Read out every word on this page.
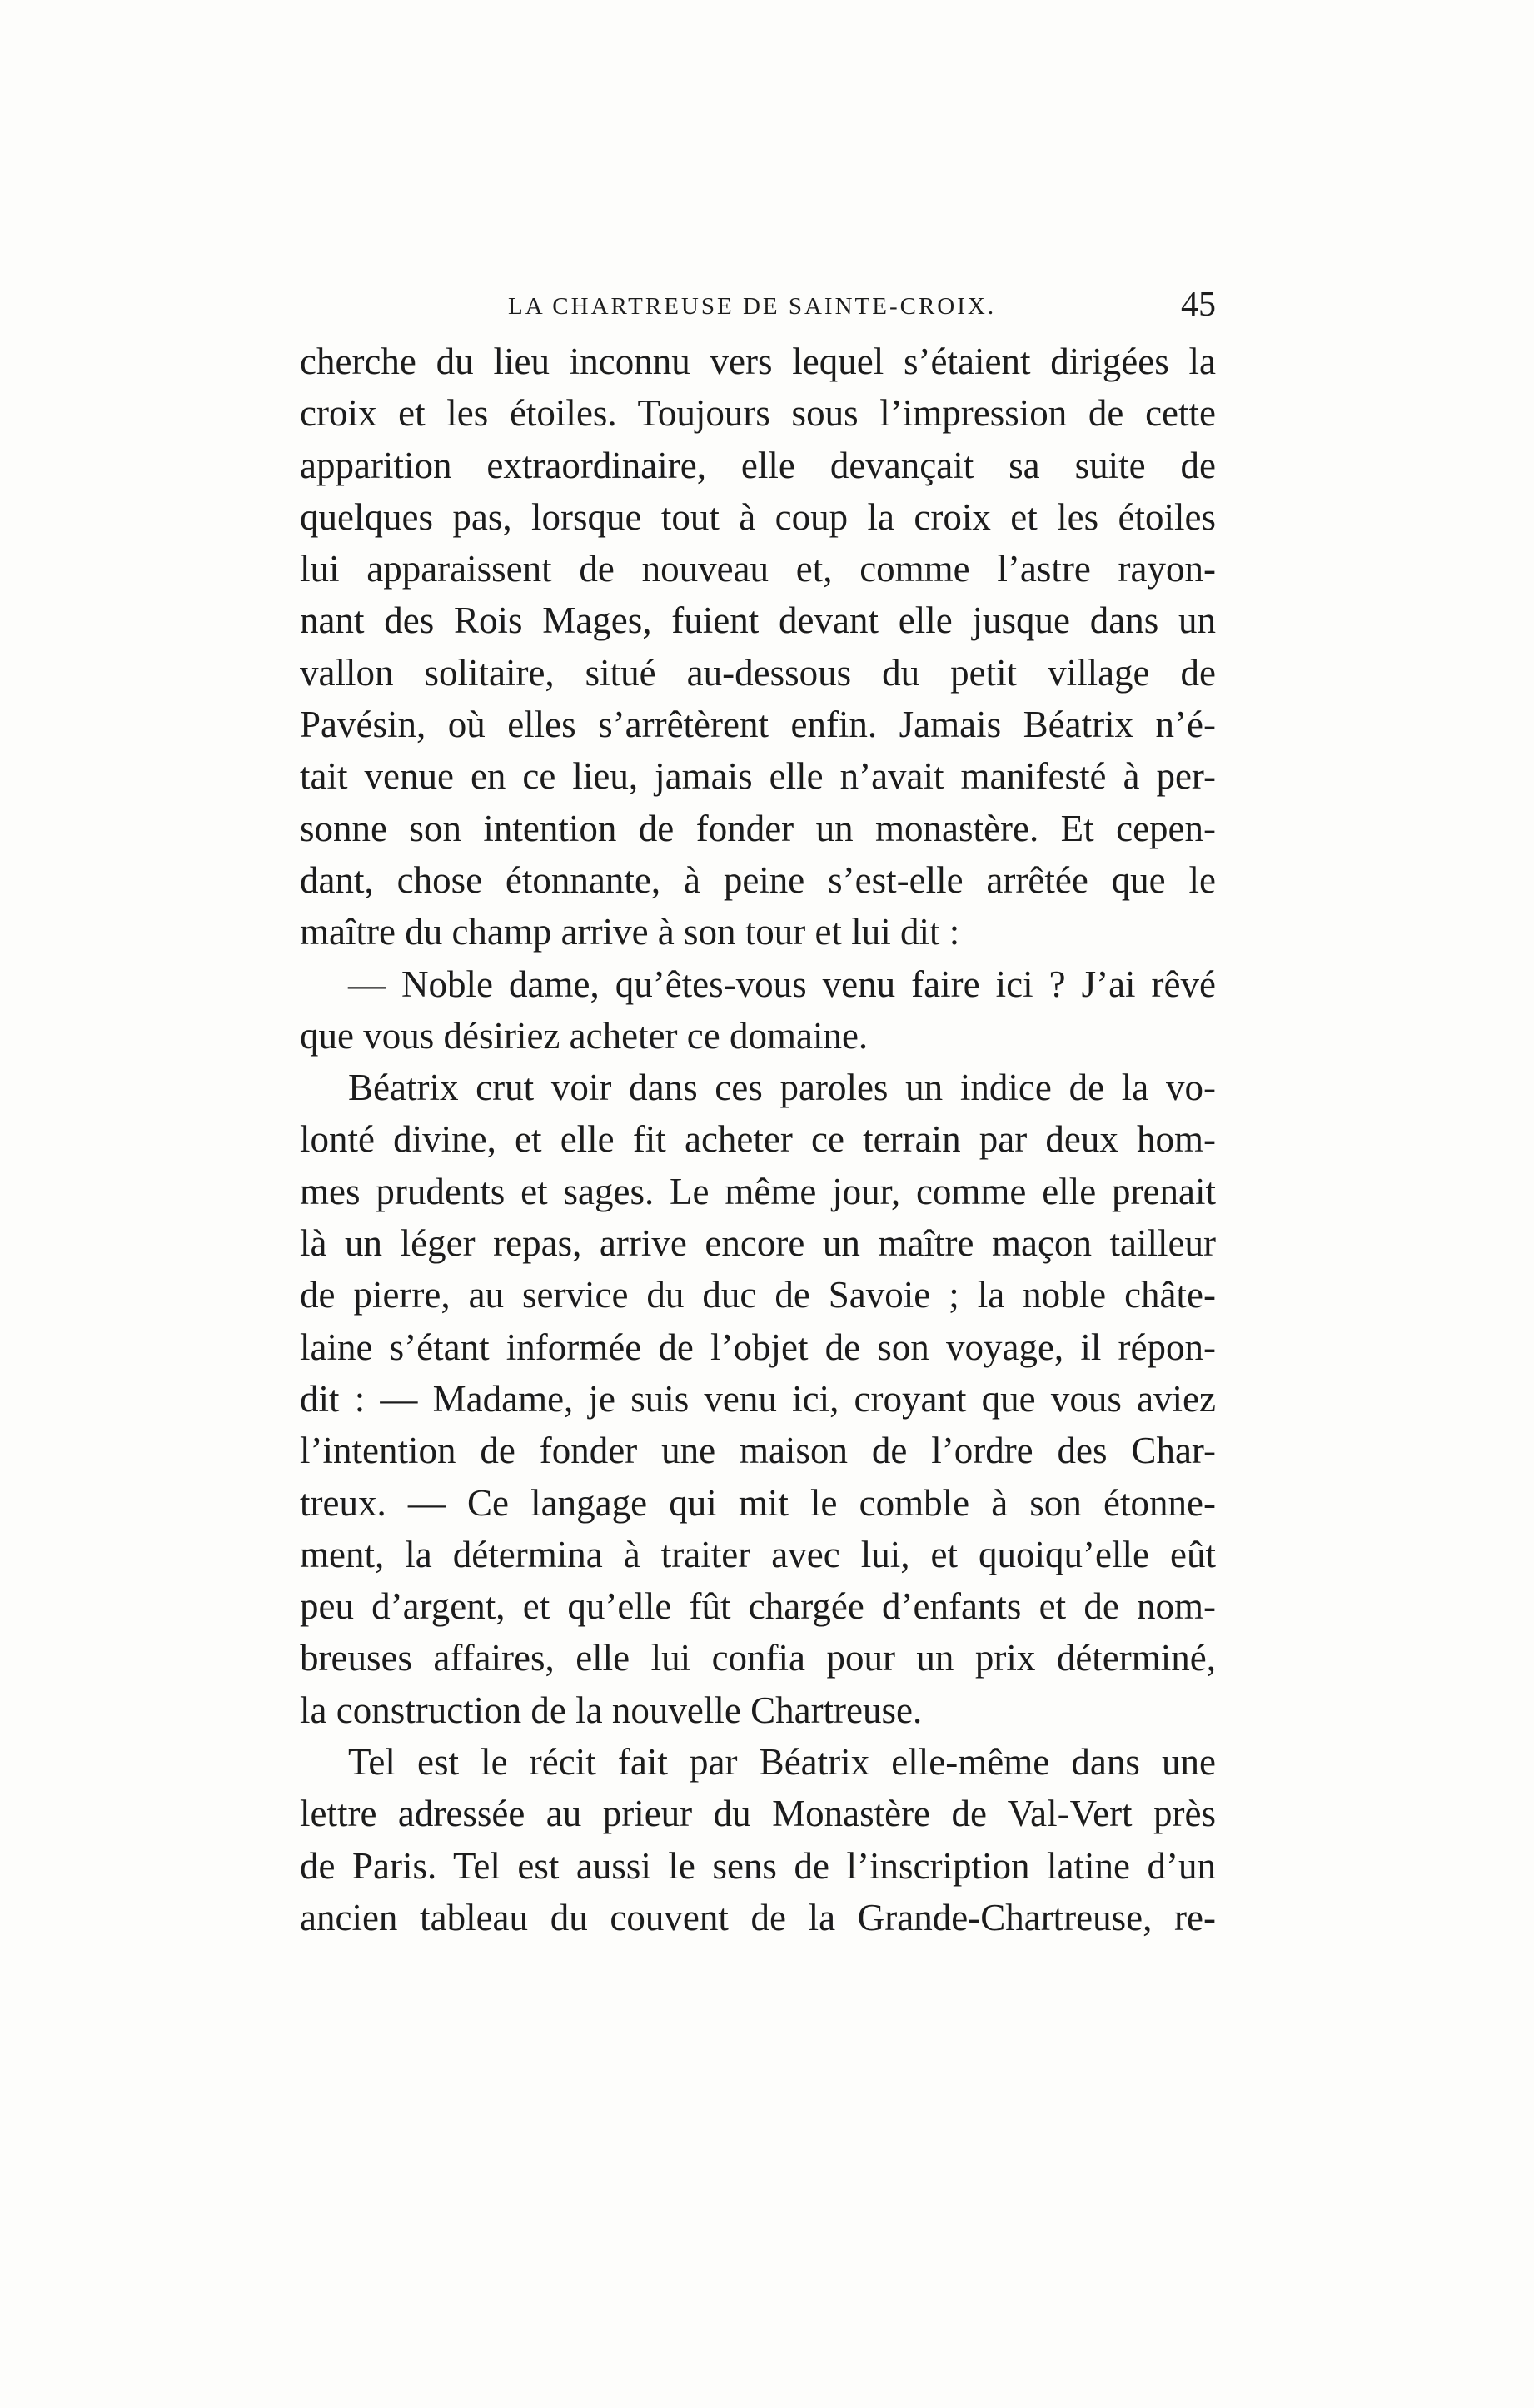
LA CHARTREUSE DE SAINTE-CROIX.	45
cherche du lieu inconnu vers lequel s’étaient dirigées la
croix et les étoiles. Toujours sous l’impression de cette
apparition extraordinaire, elle devançait sa suite de
quelques pas, lorsque tout à coup la croix et les étoiles
lui apparaissent de nouveau et, comme l’astre rayon-
nant des Rois Mages, fuient devant elle jusque dans un
vallon solitaire, situé au-dessous du petit village de
Pavésin, où elles s’arrêtèrent enfin. Jamais Béatrix n’é-
tait venue en ce lieu, jamais elle n’avait manifesté à per-
sonne son intention de fonder un monastère. Et cepen-
dant, chose étonnante, à peine s’est-elle arrêtée que le
maître du champ arrive à son tour et lui dit :
— Noble dame, qu’êtes-vous venu faire ici ? J’ai rêvé
que vous désiriez acheter ce domaine.
Béatrix crut voir dans ces paroles un indice de la vo-
lonté divine, et elle fit acheter ce terrain par deux hom-
mes prudents et sages. Le même jour, comme elle prenait
là un léger repas, arrive encore un maître maçon tailleur
de pierre, au service du duc de Savoie ; la noble châte-
laine s’étant informée de l’objet de son voyage, il répon-
dit : — Madame, je suis venu ici, croyant que vous aviez
l’intention de fonder une maison de l’ordre des Char-
treux. — Ce langage qui mit le comble à son étonne-
ment, la détermina à traiter avec lui, et quoiqu’elle eût
peu d’argent, et qu’elle fût chargée d’enfants et de nom-
breuses affaires, elle lui confia pour un prix déterminé,
la construction de la nouvelle Chartreuse.
Tel est le récit fait par Béatrix elle-même dans une
lettre adressée au prieur du Monastère de Val-Vert près
de Paris. Tel est aussi le sens de l’inscription latine d’un
ancien tableau du couvent de la Grande-Chartreuse, re-
